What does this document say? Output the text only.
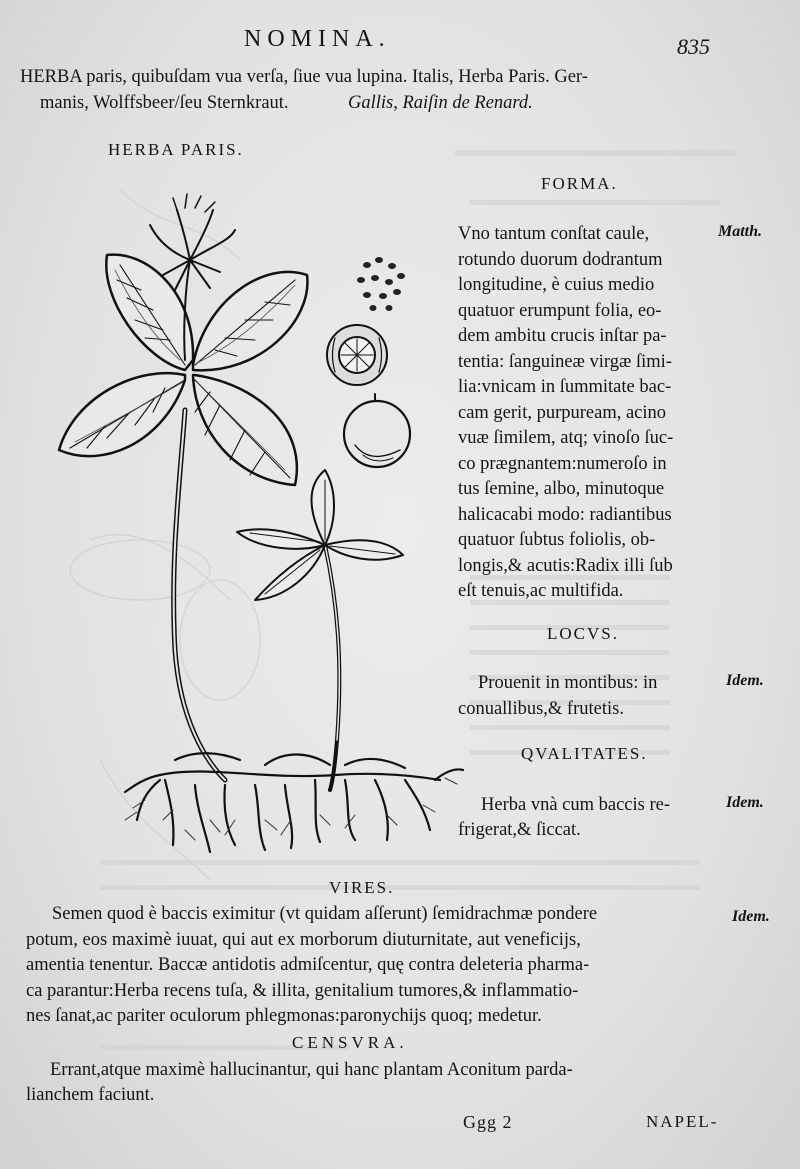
NOMINA.	835
HERBA paris, quibuſdam vua verſa, ſiue vua lupina. Italis, Herba Paris. Ger-
manis, Wolffsbeer/ſeu Sternkraut.	Gallis, Raiſin de Renard.
HERBA PARIS.
FORMA.
Vno tantum conſtat caule,
rotundo duorum dodrantum
longitudine, è cuius medio
quatuor erumpunt folia, eo-
dem ambitu crucis inſtar pa-
tentia: ſanguineæ virgæ ſimi-
lia:vnicam in ſummitate bac-
cam gerit, purpuream, acino
vuæ ſimilem, atq; vinoſo ſuc-
co prægnantem:numeroſo in
tus ſemine, albo, minutoque
halicacabi modo: radiantibus
quatuor ſubtus foliolis, ob-
longis,& acutis:Radix illi ſub
eſt tenuis,ac multifida.
Matth.
LOCVS.
Prouenit in montibus: in
conuallibus,& frutetis.
Idem.
QVALITATES.
Herba vnà cum baccis re-
frigerat,& ſiccat.
Idem.
VIRES.
Semen quod è baccis eximitur (vt quidam aſſerunt) ſemidrachmæ pondere
potum, eos maximè iuuat, qui aut ex morborum diuturnitate, aut veneficijs,
amentia tenentur. Baccæ antidotis admiſcentur, quę contra deleteria pharma-
ca parantur:Herba recens tuſa, & illita, genitalium tumores,& inflammatio-
nes ſanat,ac pariter oculorum phlegmonas:paronychijs quoq; medetur.
Idem.
CENSVRA.
Errant,atque maximè hallucinantur, qui hanc plantam Aconitum parda-
lianchem faciunt.
Ggg 2	NAPEL-
